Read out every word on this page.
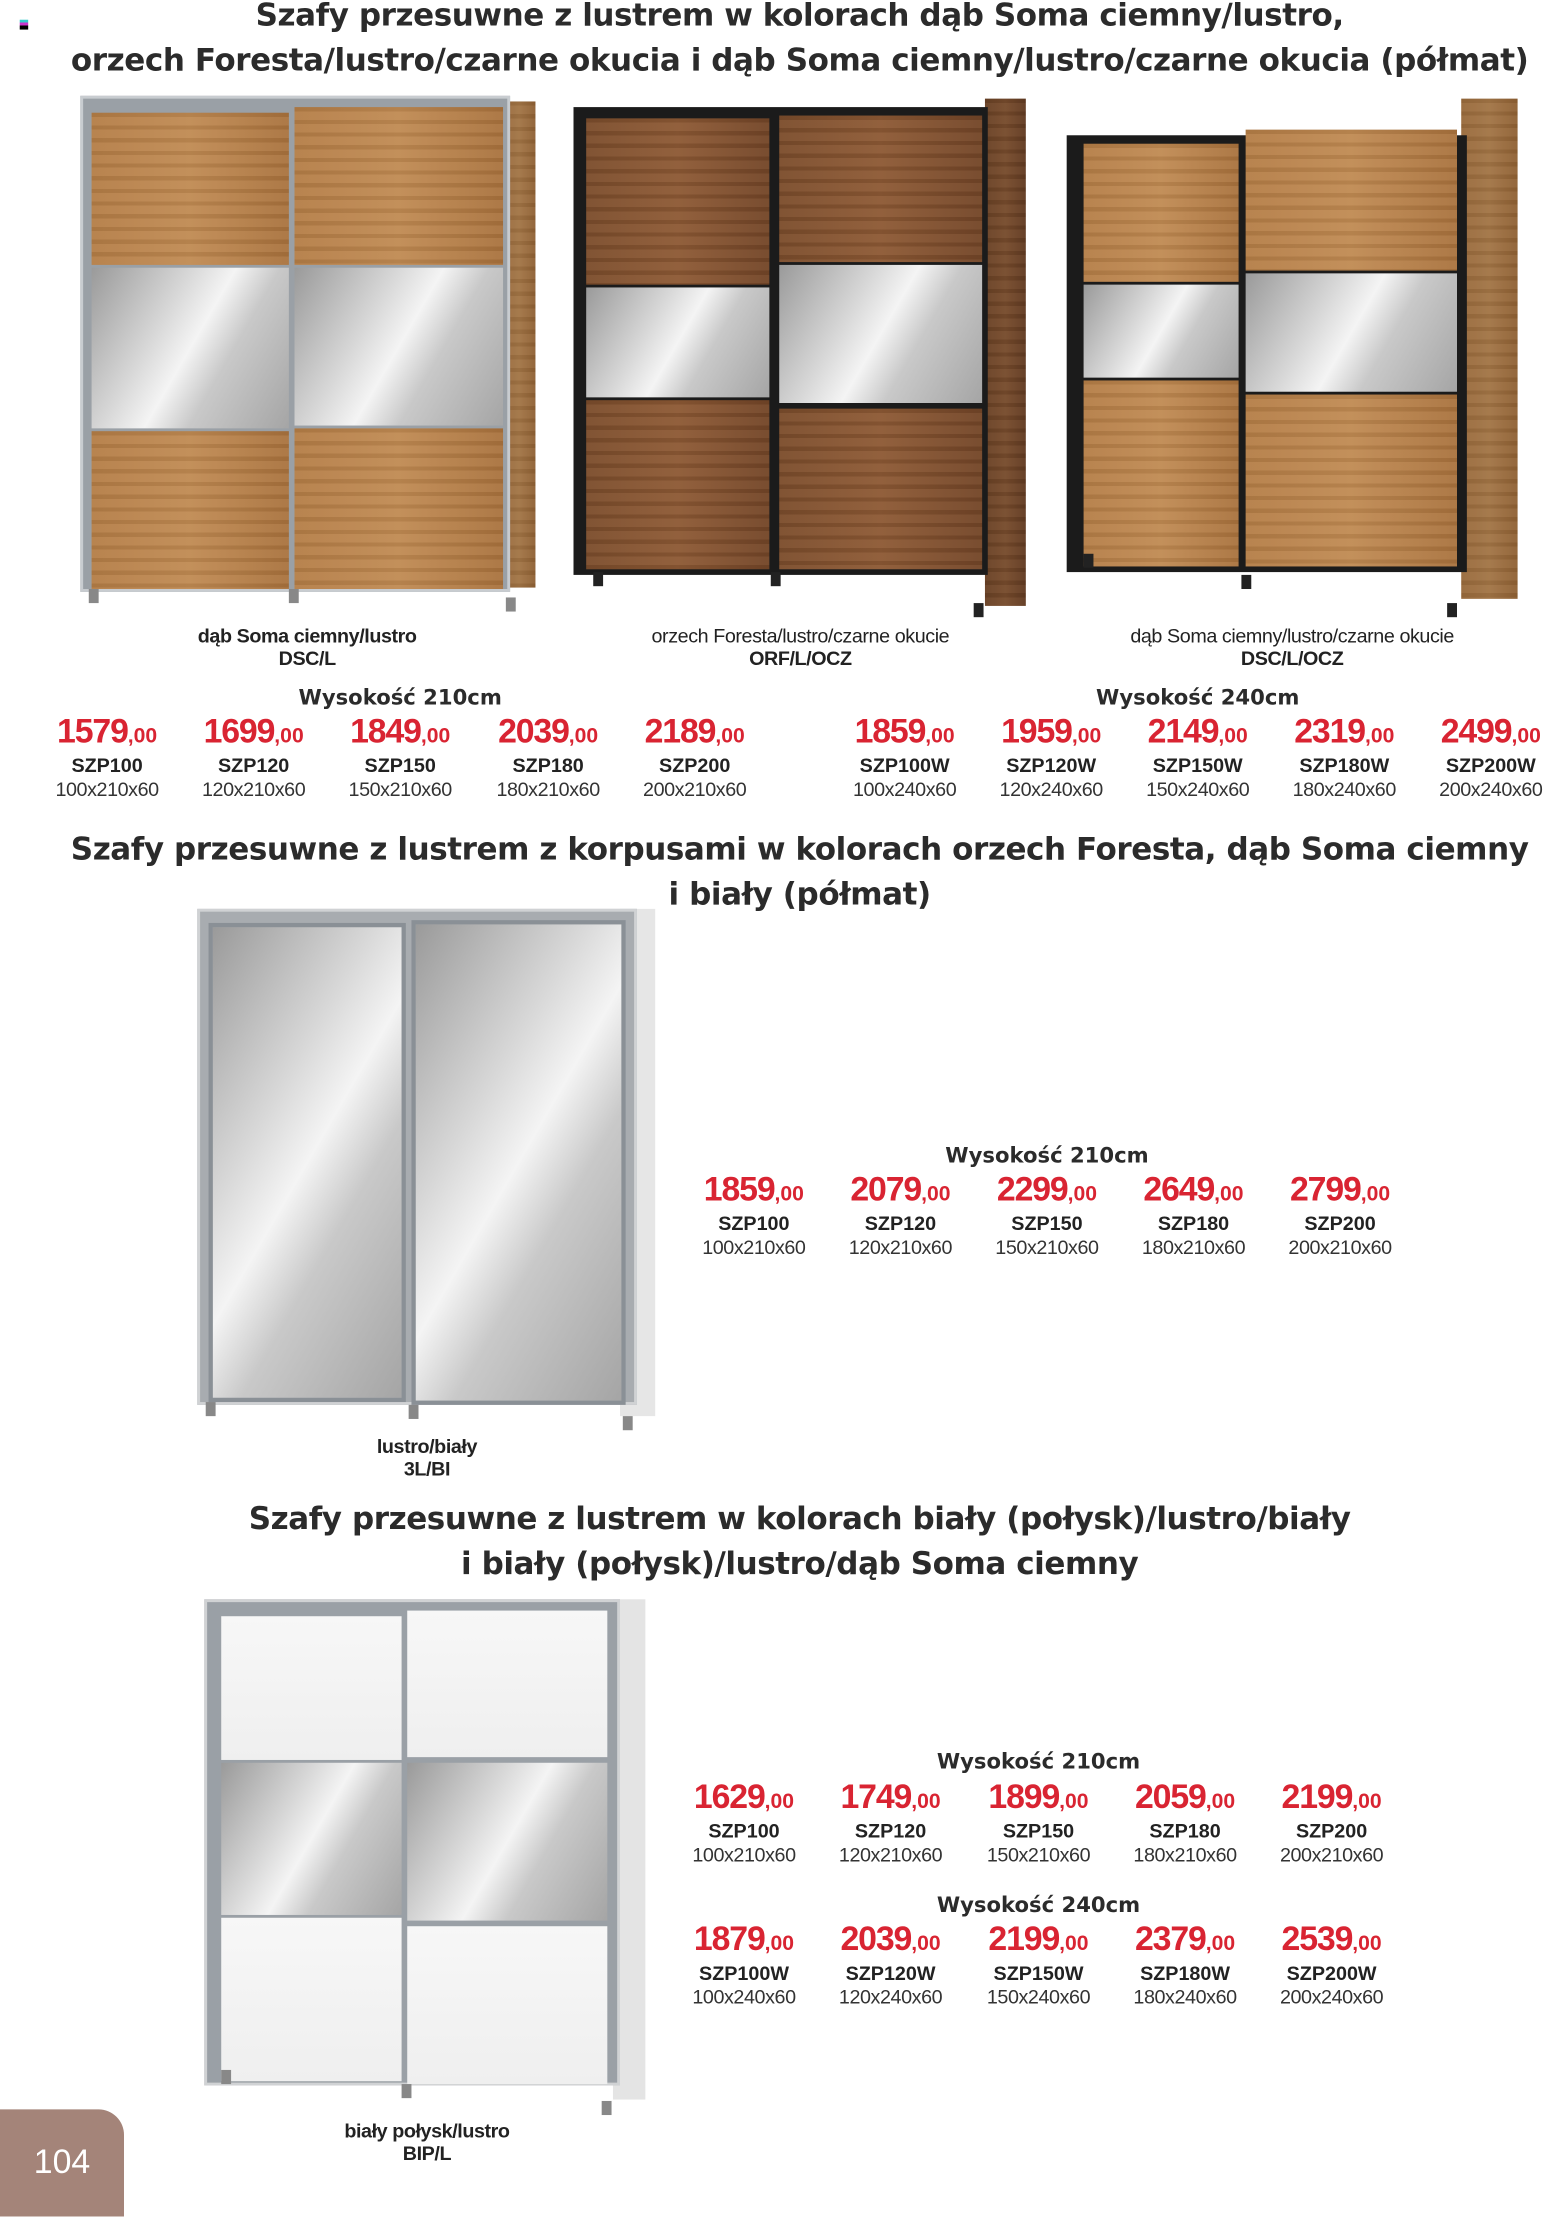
Szafy przesuwne z lustrem w kolorach dąb Soma ciemny/lustro,
orzech Foresta/lustro/czarne okucia i dąb Soma ciemny/lustro/czarne okucia (półmat)
dąb Soma ciemny/lustro
DSC/L
orzech Foresta/lustro/czarne okucie
ORF/L/OCZ
dąb Soma ciemny/lustro/czarne okucie
DSC/L/OCZ
Szafy przesuwne z lustrem z korpusami w kolorach orzech Foresta, dąb Soma ciemny
i biały (półmat)
lustro/biały
3L/BI
Szafy przesuwne z lustrem w kolorach biały (połysk)/lustro/biały
i biały (połysk)/lustro/dąb Soma ciemny
biały połysk/lustro
BIP/L
Wysokość 210cm
1579,00
SZP100
100x210x60
1699,00
SZP120
120x210x60
1849,00
SZP150
150x210x60
2039,00
SZP180
180x210x60
2189,00
SZP200
200x210x60
Wysokość 240cm
1859,00
SZP100W
100x240x60
1959,00
SZP120W
120x240x60
2149,00
SZP150W
150x240x60
2319,00
SZP180W
180x240x60
2499,00
SZP200W
200x240x60
Wysokość 210cm
1859,00
SZP100
100x210x60
2079,00
SZP120
120x210x60
2299,00
SZP150
150x210x60
2649,00
SZP180
180x210x60
2799,00
SZP200
200x210x60
Wysokość 210cm
1629,00
SZP100
100x210x60
1749,00
SZP120
120x210x60
1899,00
SZP150
150x210x60
2059,00
SZP180
180x210x60
2199,00
SZP200
200x210x60
Wysokość 240cm
1879,00
SZP100W
100x240x60
2039,00
SZP120W
120x240x60
2199,00
SZP150W
150x240x60
2379,00
SZP180W
180x240x60
2539,00
SZP200W
200x240x60
104
